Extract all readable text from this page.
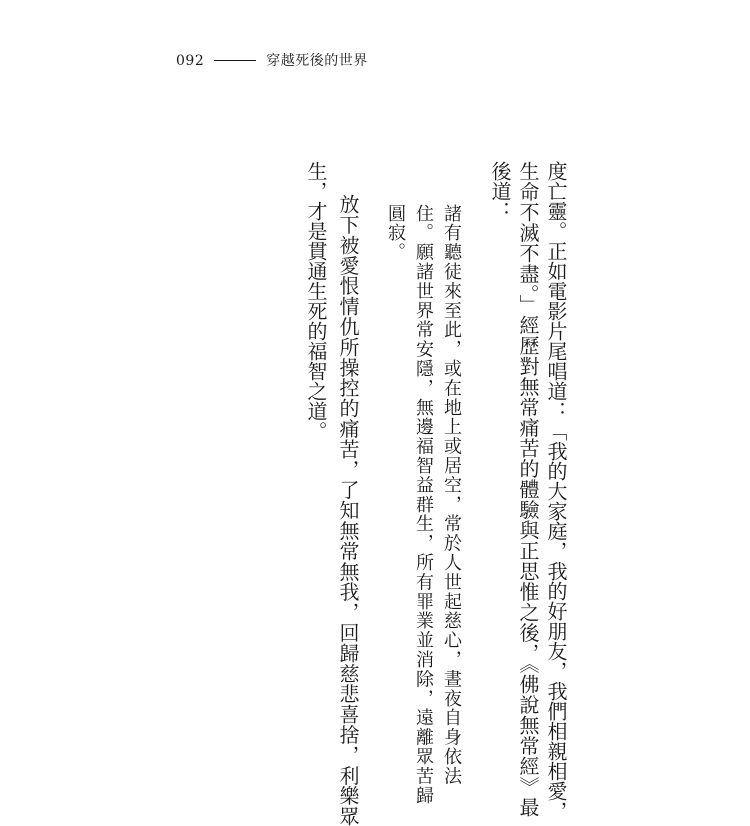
092	穿越死後的世界
度亡靈。正如電影片尾唱道：「我的大家庭，我的好朋友，我們相親相愛，
生命不滅不盡。」經歷對無常痛苦的體驗與正思惟之後，《佛說無常經》最
後道：
諸有聽徒來至此，或在地上或居空，常於人世起慈心，晝夜自身依法
住。願諸世界常安隱，無邊福智益群生，所有罪業並消除，遠離眾苦歸
圓寂。
放下被愛恨情仇所操控的痛苦，了知無常無我，回歸慈悲喜捨，利樂眾
生，才是貫通生死的福智之道。
